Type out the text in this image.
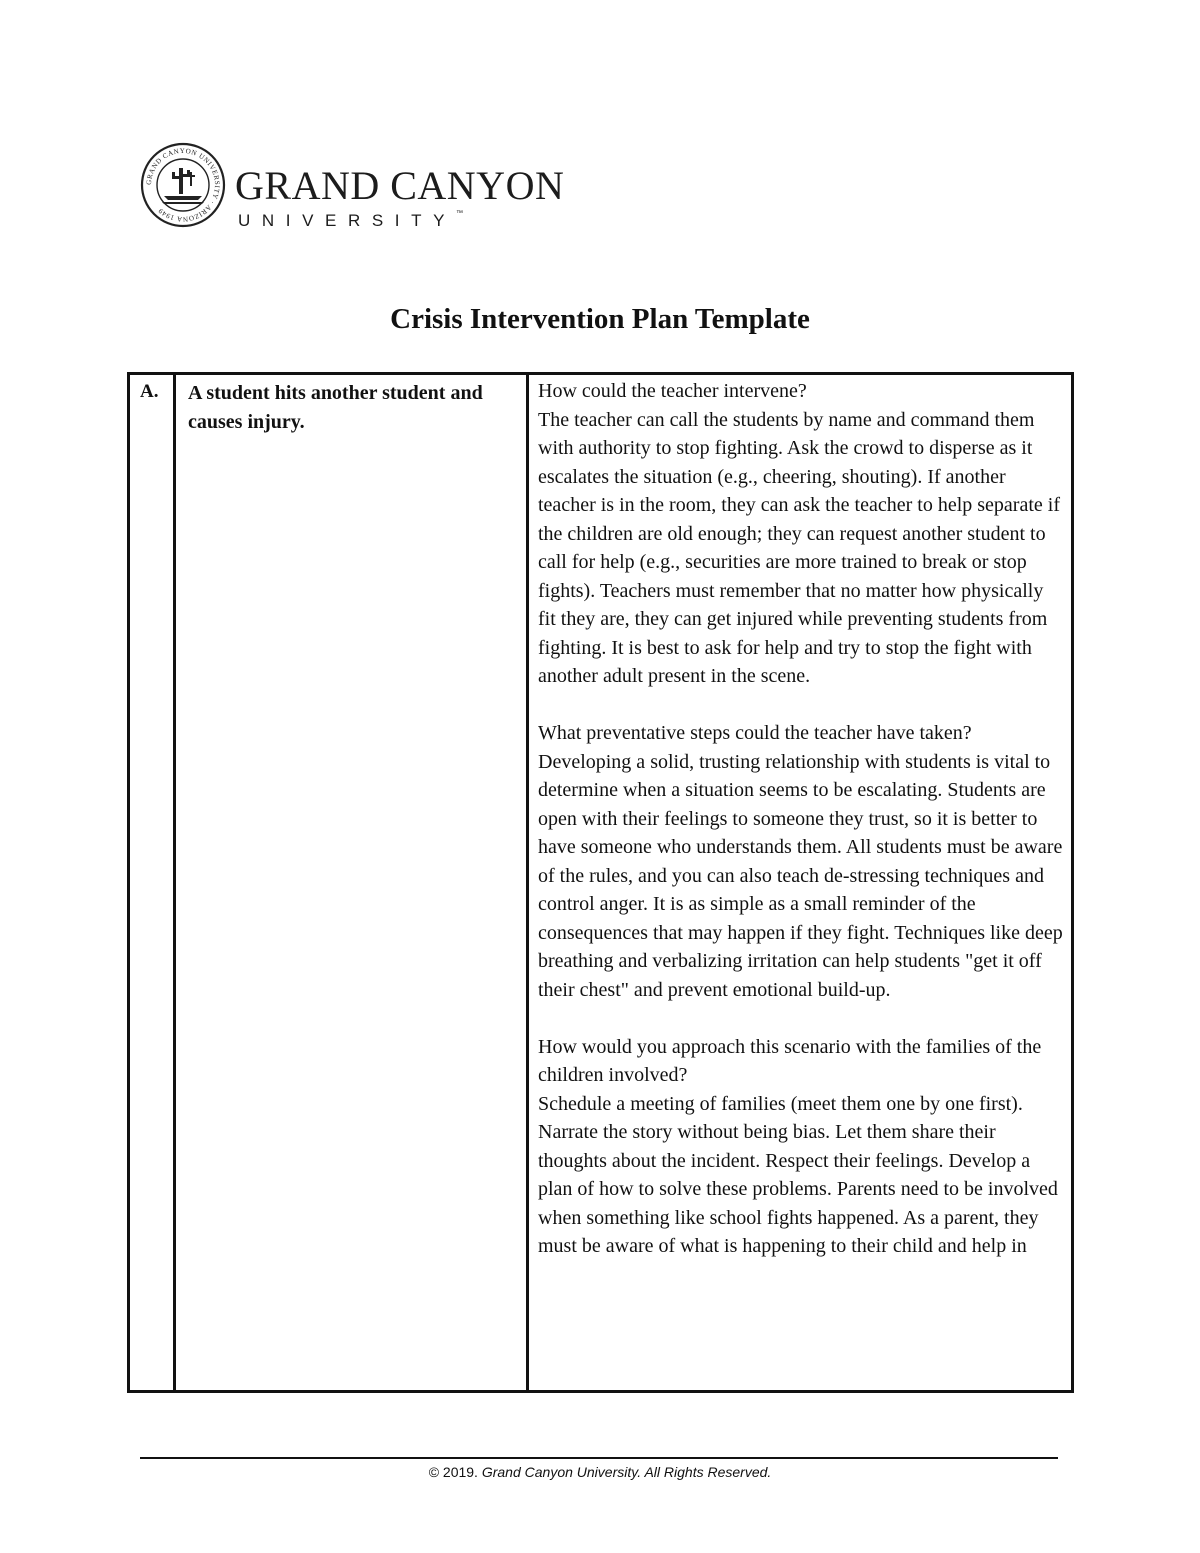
GRAND CANYON UNIVERSITY · ARIZONA 1949
GRAND CANYON
UNIVERSITY™
Crisis Intervention Plan Template
A.	A student hits another student and causes injury.

How could the teacher intervene?

The teacher can call the students by name and command them with authority to stop fighting. Ask the crowd to disperse as it escalates the situation (e.g., cheering, shouting). If another teacher is in the room, they can ask the teacher to help separate if the children are old enough; they can request another student to call for help (e.g., securities are more trained to break or stop fights). Teachers must remember that no matter how physically fit they are, they can get injured while preventing students from fighting. It is best to ask for help and try to stop the fight with another adult present in the scene.

What preventative steps could the teacher have taken?

Developing a solid, trusting relationship with students is vital to determine when a situation seems to be escalating. Students are open with their feelings to someone they trust, so it is better to have someone who understands them. All students must be aware of the rules, and you can also teach de-stressing techniques and control anger. It is as simple as a small reminder of the consequences that may happen if they fight. Techniques like deep breathing and verbalizing irritation can help students "get it off their chest" and prevent emotional build-up.

How would you approach this scenario with the families of the children involved?

Schedule a meeting of families (meet them one by one first). Narrate the story without being bias. Let them share their thoughts about the incident. Respect their feelings. Develop a plan of how to solve these problems. Parents need to be involved when something like school fights happened. As a parent, they must be aware of what is happening to their child and help in

© 2019. Grand Canyon University. All Rights Reserved.
